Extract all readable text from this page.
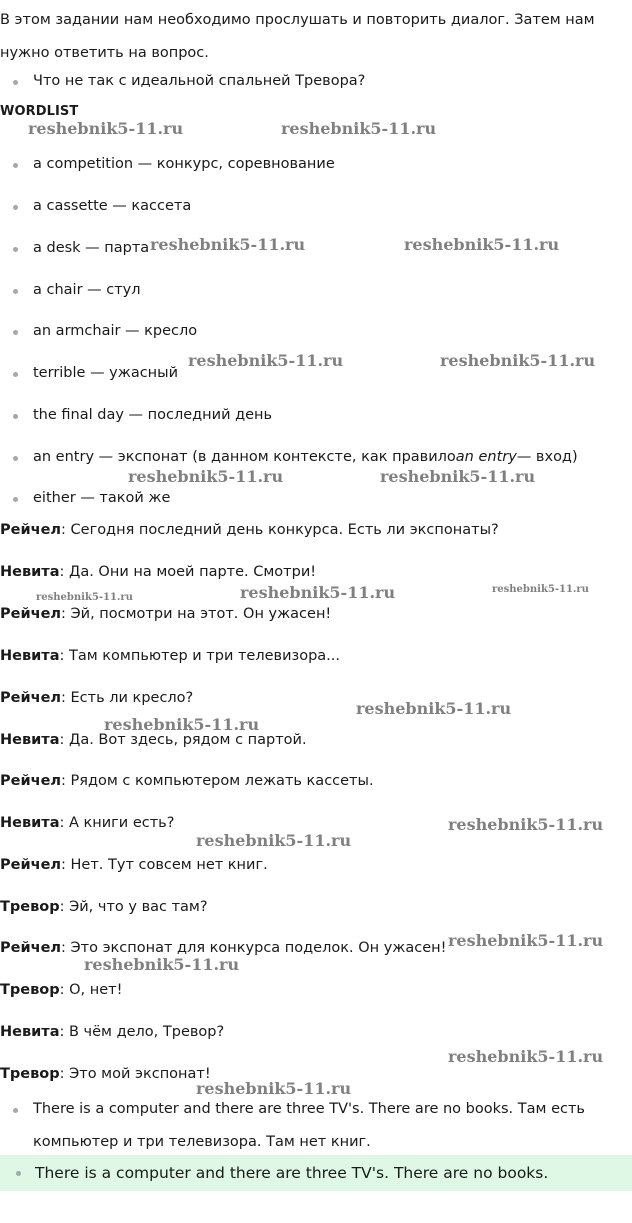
В этом задании нам необходимо прослушать и повторить диалог. Затем нам нужно ответить на вопрос.

Что не так с идеальной спальней Тревора?
WORDLIST
a competition — конкурс, соревнование
a cassette — кассета
a desk — парта
a chair — стул
an armchair — кресло
terrible — ужасный
the final day — последний день
an entry — экспонат (в данном контексте, как правилоan entry— вход)
either — такой же
Рейчел: Сегодня последний день конкурса. Есть ли экспонаты?
Невита: Да. Они на моей парте. Смотри!
Рейчел: Эй, посмотри на этот. Он ужасен!
Невита: Там компьютер и три телевизора...
Рейчел: Есть ли кресло?
Невита: Да. Вот здесь, рядом с партой.
Рейчел: Рядом с компьютером лежать кассеты.
Невита: А книги есть?
Рейчел: Нет. Тут совсем нет книг.
Тревор: Эй, что у вас там?
Рейчел: Это экспонат для конкурса поделок. Он ужасен!
Тревор: О, нет!
Невита: В чём дело, Тревор?
Тревор: Это мой экспонат!
There is a computer and there are three TV's. There are no books. Там есть компьютер и три телевизора. Там нет книг.
There is a computer and there are three TV's. There are no books.
reshebnik5-11.ru	reshebnik5-11.ru
reshebnik5-11.ru	reshebnik5-11.ru
reshebnik5-11.ru	reshebnik5-11.ru
reshebnik5-11.ru	reshebnik5-11.ru
reshebnik5-11.ru	reshebnik5-11.ru	reshebnik5-11.ru
reshebnik5-11.ru
reshebnik5-11.ru
reshebnik5-11.ru
reshebnik5-11.ru
reshebnik5-11.ru
reshebnik5-11.ru
reshebnik5-11.ru
reshebnik5-11.ru
